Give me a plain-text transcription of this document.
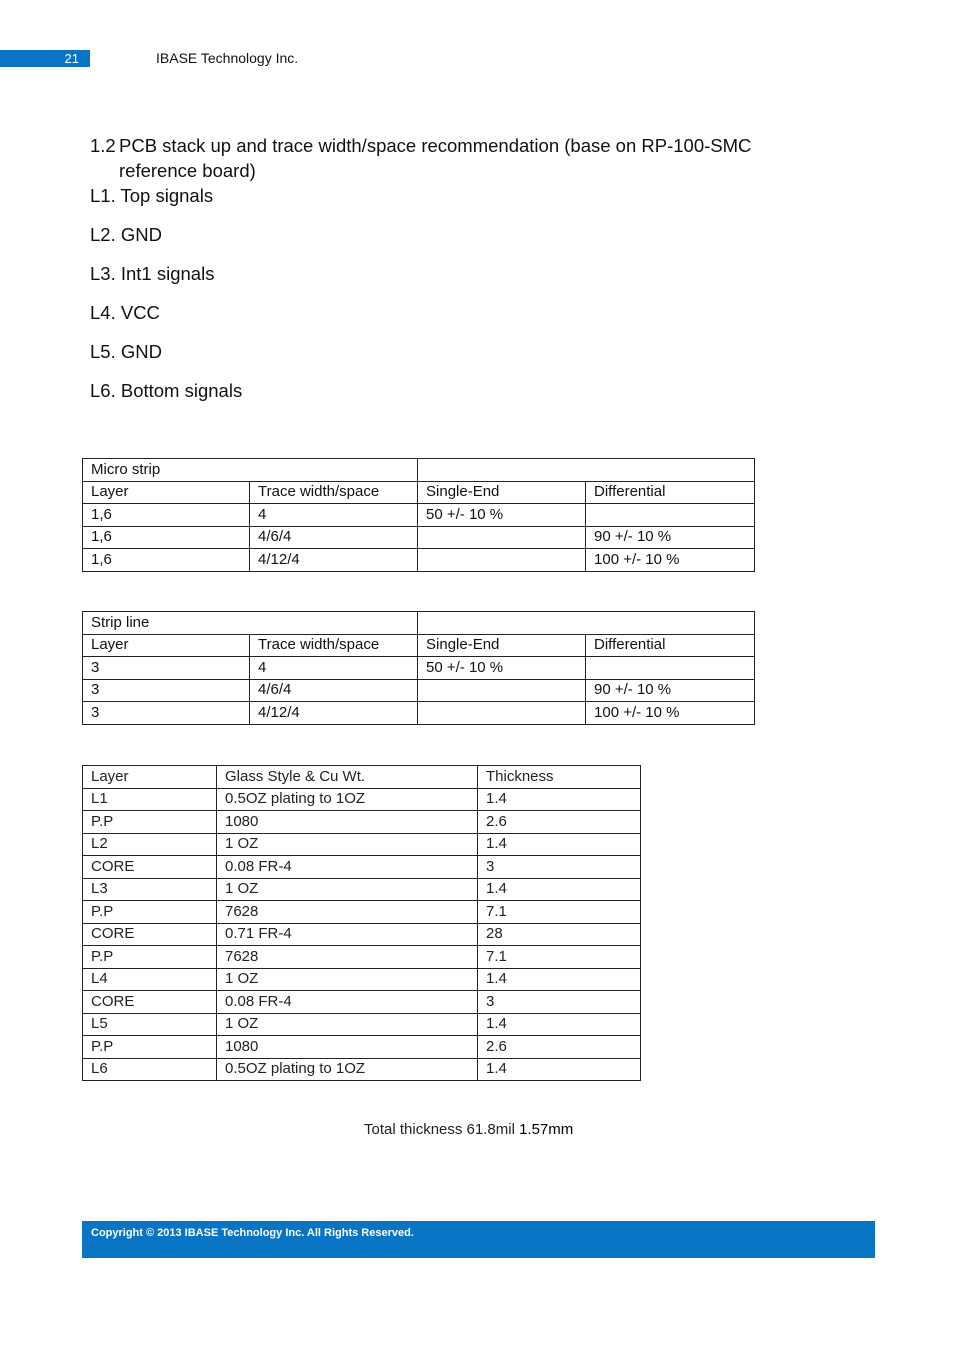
21	IBASE Technology Inc.
1.2 PCB stack up and trace width/space recommendation (base on RP-100-SMC reference board)
L1. Top signals
L2. GND
L3. Int1 signals
L4. VCC
L5. GND
L6. Bottom signals
Micro strip			
Layer	Trace width/space	Single-End	Differential
1,6	4	50 +/- 10 %	
1,6	4/6/4		90 +/- 10 %
1,6	4/12/4		100 +/- 10 %
Strip line			
Layer	Trace width/space	Single-End	Differential
3	4	50 +/- 10 %	
3	4/6/4		90 +/- 10 %
3	4/12/4		100 +/- 10 %
Layer	Glass Style & Cu Wt.	Thickness
L1	0.5OZ plating to 1OZ	1.4
P.P	1080	2.6
L2	1 OZ	1.4
CORE	0.08 FR-4	3
L3	1 OZ	1.4
P.P	7628	7.1
CORE	0.71 FR-4	28
P.P	7628	7.1
L4	1 OZ	1.4
CORE	0.08 FR-4	3
L5	1 OZ	1.4
P.P	1080	2.6
L6	0.5OZ plating to 1OZ	1.4
Total thickness 61.8mil 1.57mm
Copyright © 2013 IBASE Technology Inc. All Rights Reserved.
